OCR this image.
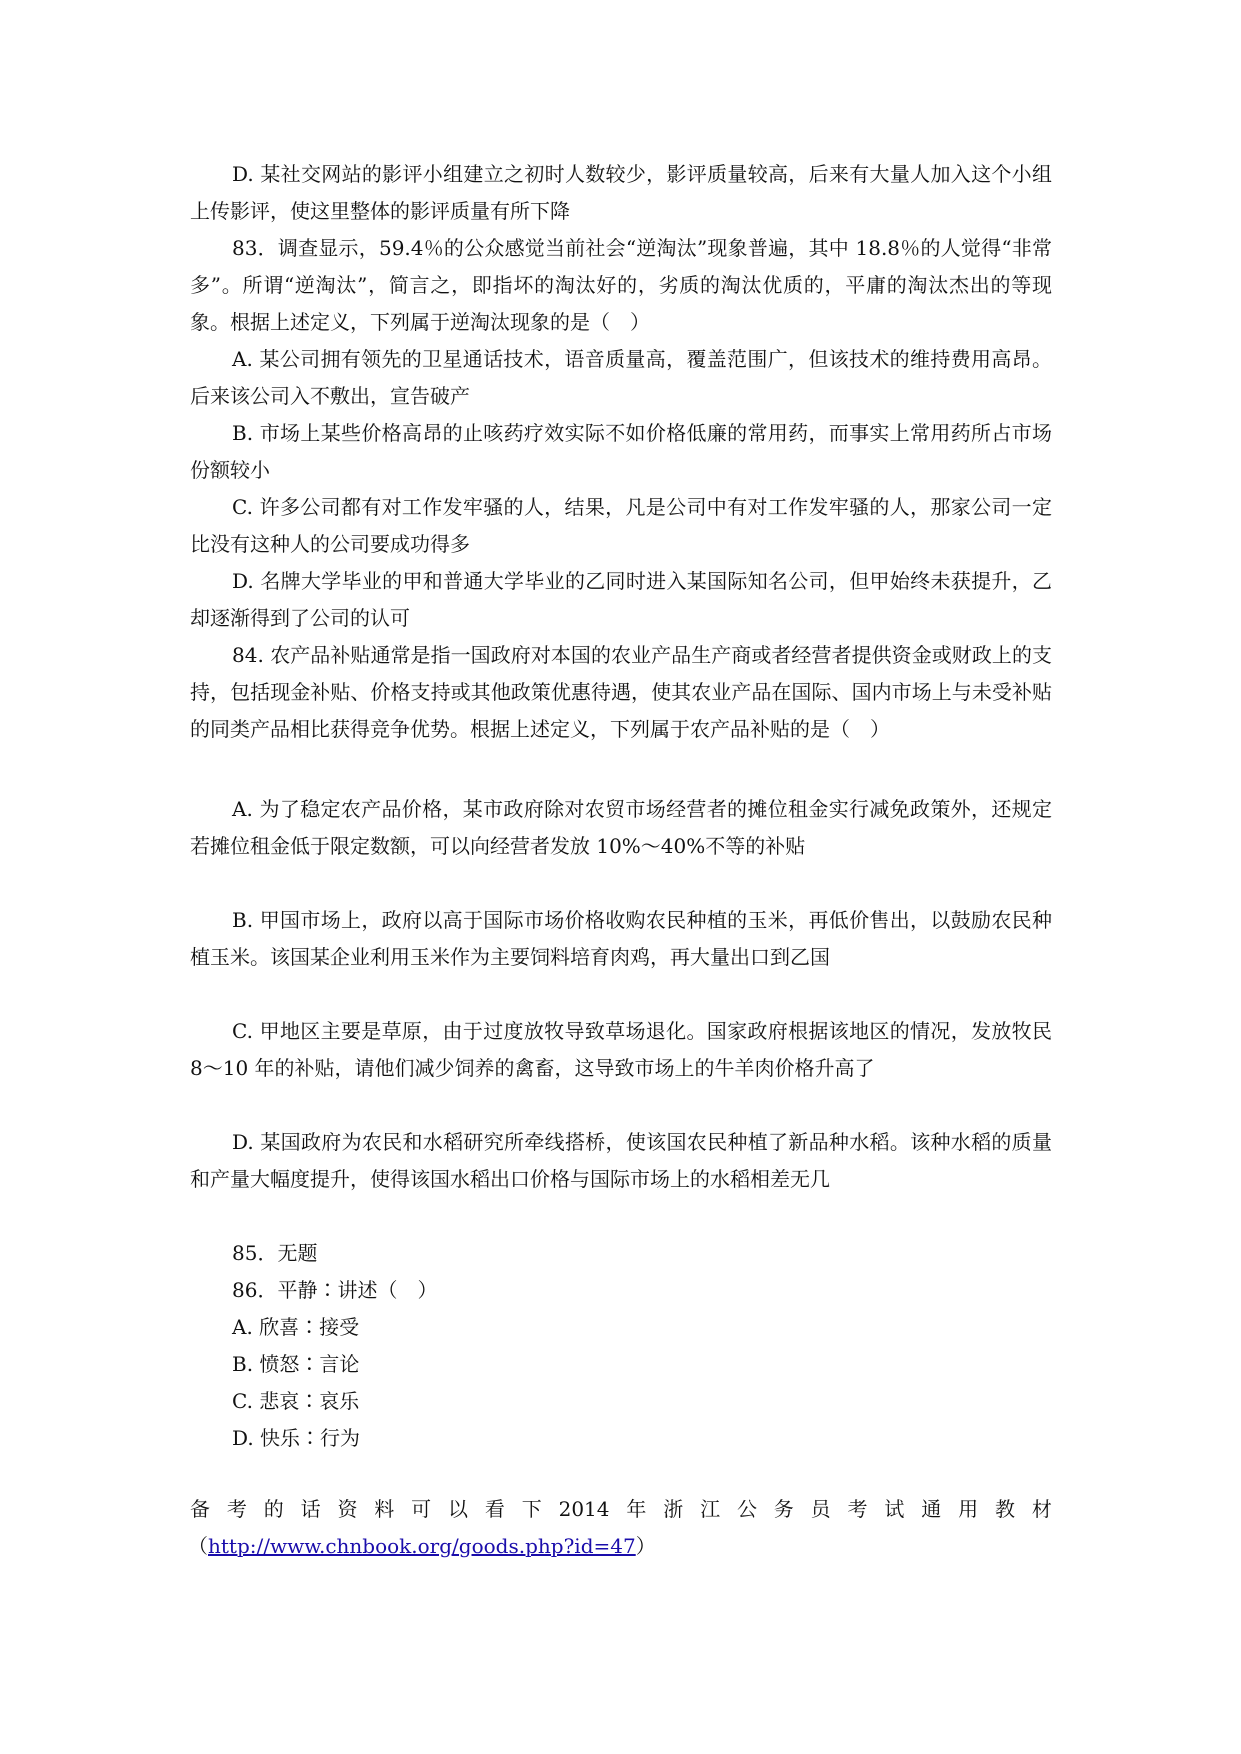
D. 某社交网站的影评小组建立之初时人数较少，影评质量较高，后来有大量人加入这个小组上传影评，使这里整体的影评质量有所下降

83．调查显示，59.4％的公众感觉当前社会“逆淘汰”现象普遍，其中 18.8％的人觉得“非常多”。所谓“逆淘汰”，简言之，即指坏的淘汰好的，劣质的淘汰优质的，平庸的淘汰杰出的等现象。根据上述定义，下列属于逆淘汰现象的是（　）

A. 某公司拥有领先的卫星通话技术，语音质量高，覆盖范围广，但该技术的维持费用高昂。后来该公司入不敷出，宣告破产

B. 市场上某些价格高昂的止咳药疗效实际不如价格低廉的常用药，而事实上常用药所占市场份额较小

C. 许多公司都有对工作发牢骚的人，结果，凡是公司中有对工作发牢骚的人，那家公司一定比没有这种人的公司要成功得多

D. 名牌大学毕业的甲和普通大学毕业的乙同时进入某国际知名公司，但甲始终未获提升，乙却逐渐得到了公司的认可

84. 农产品补贴通常是指一国政府对本国的农业产品生产商或者经营者提供资金或财政上的支持，包括现金补贴、价格支持或其他政策优惠待遇，使其农业产品在国际、国内市场上与未受补贴的同类产品相比获得竞争优势。根据上述定义，下列属于农产品补贴的是（　）

A. 为了稳定农产品价格，某市政府除对农贸市场经营者的摊位租金实行减免政策外，还规定若摊位租金低于限定数额，可以向经营者发放 10%～40%不等的补贴

B. 甲国市场上，政府以高于国际市场价格收购农民种植的玉米，再低价售出，以鼓励农民种植玉米。该国某企业利用玉米作为主要饲料培育肉鸡，再大量出口到乙国

C. 甲地区主要是草原，由于过度放牧导致草场退化。国家政府根据该地区的情况，发放牧民 8～10 年的补贴，请他们减少饲养的禽畜，这导致市场上的牛羊肉价格升高了

D. 某国政府为农民和水稻研究所牵线搭桥，使该国农民种植了新品种水稻。该种水稻的质量和产量大幅度提升，使得该国水稻出口价格与国际市场上的水稻相差无几

85．无题

86．平静∶讲述（　）

A. 欣喜∶接受

B. 愤怒∶言论

C. 悲哀∶哀乐

D. 快乐∶行为

备 考 的 话 资 料 可 以 看 下 2014 年 浙 江 公 务 员 考 试 通 用 教 材
（http://www.chnbook.org/goods.php?id=47）
